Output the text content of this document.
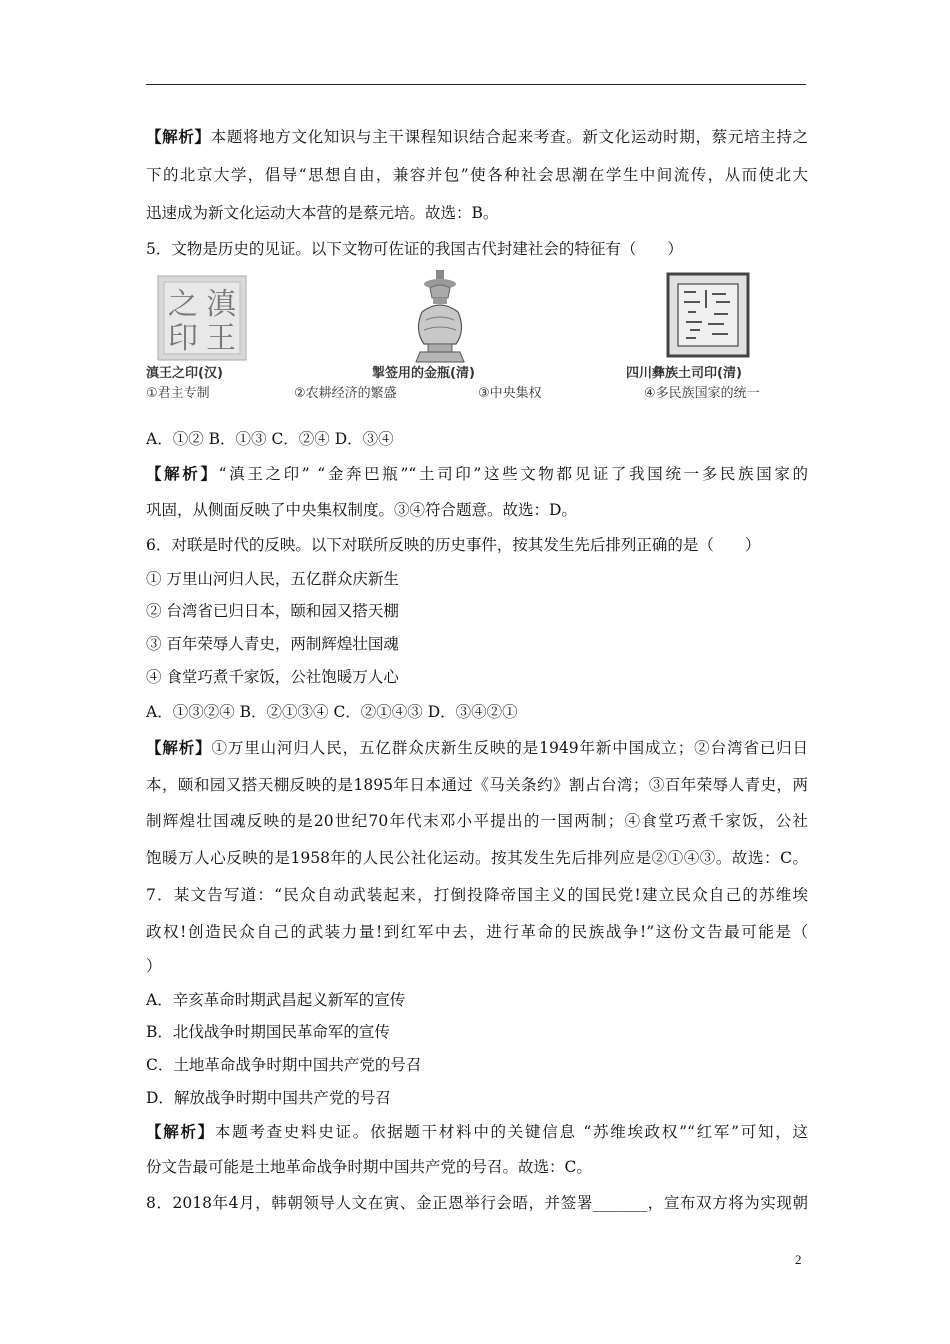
【解析】本题将地方文化知识与主干课程知识结合起来考查。新文化运动时期，蔡元培主持之
下的北京大学，倡导“思想自由，兼容并包”使各种社会思潮在学生中间流传，从而使北大
迅速成为新文化运动大本营的是蔡元培。故选：B。
5．文物是历史的见证。以下文物可佐证的我国古代封建社会的特征有（　　）
滇
王
之
印
滇王之印(汉)	掣签用的金瓶(清)	四川彝族土司印(清)
①君主专制	②农耕经济的繁盛	③中央集权	④多民族国家的统一
A．①② B．①③ C．②④ D．③④
【解析】“滇王之印” “金奔巴瓶”“土司印”这些文物都见证了我国统一多民族国家的
巩固，从侧面反映了中央集权制度。③④符合题意。故选：D。
6．对联是时代的反映。以下对联所反映的历史事件，按其发生先后排列正确的是（　　）
① 万里山河归人民，五亿群众庆新生
② 台湾省已归日本，颐和园又搭天棚
③ 百年荣辱人青史，两制辉煌壮国魂
④ 食堂巧煮千家饭，公社饱暖万人心
A．①③②④ B．②①③④ C．②①④③ D．③④②①
【解析】①万里山河归人民，五亿群众庆新生反映的是1949年新中国成立；②台湾省已归日
本，颐和园又搭天棚反映的是1895年日本通过《马关条约》割占台湾；③百年荣辱人青史，两
制辉煌壮国魂反映的是20世纪70年代末邓小平提出的一国两制；④食堂巧煮千家饭，公社
饱暖万人心反映的是1958年的人民公社化运动。按其发生先后排列应是②①④③。故选：C。
7．某文告写道：“民众自动武装起来，打倒投降帝国主义的国民党!建立民众自己的苏维埃
政权!创造民众自己的武装力量!到红军中去，进行革命的民族战争!”这份文告最可能是（
）
A．辛亥革命时期武昌起义新军的宣传
B．北伐战争时期国民革命军的宣传
C．土地革命战争时期中国共产党的号召
D．解放战争时期中国共产党的号召
【解析】本题考查史料史证。依据题干材料中的关键信息 “苏维埃政权”“红军”可知，这
份文告最可能是土地革命战争时期中国共产党的号召。故选：C。
8．2018年4月，韩朝领导人文在寅、金正恩举行会晤，并签署_______，宣布双方将为实现朝
2
